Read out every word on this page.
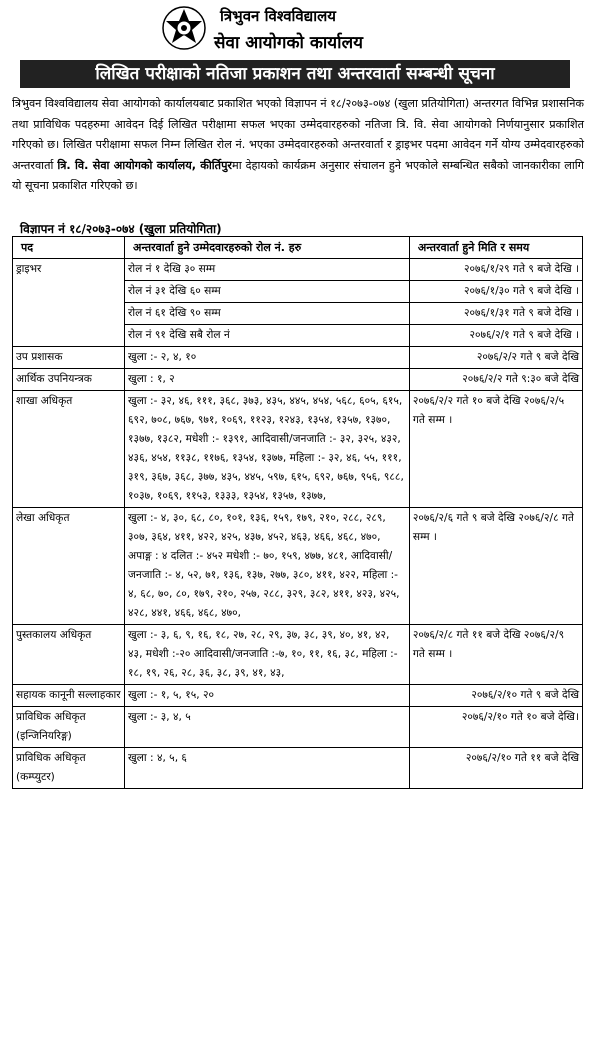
त्रिभुवन विश्वविद्यालय
सेवा आयोगको कार्यालय
लिखित परीक्षाको नतिजा प्रकाशन तथा अन्तरवार्ता सम्बन्धी सूचना
त्रिभुवन विश्वविद्यालय सेवा आयोगको कार्यालयबाट प्रकाशित भएको विज्ञापन नं १८/२०७३-०७४ (खुला प्रतियोगिता) अन्तरगत विभिन्न प्रशासनिक तथा प्राविधिक पदहरुमा आवेदन दिई लिखित परीक्षामा सफल भएका उम्मेदवारहरुको नतिजा त्रि. वि. सेवा आयोगको निर्णयानुसार प्रकाशित गरिएको छ। लिखित परीक्षामा सफल निम्न लिखित रोल नं. भएका उम्मेदवारहरुको अन्तरवार्ता र ड्राइभर पदमा आवेदन गर्ने योग्य उम्मेदवारहरुको अन्तरवार्ता त्रि. वि. सेवा आयोगको कार्यालय, कीर्तिपुरमा देहायको कार्यक्रम अनुसार संचालन हुने भएकोले सम्बन्धित सबैको जानकारीका लागि यो सूचना प्रकाशित गरिएको छ।
विज्ञापन नं १८/२०७३-०७४ (खुला प्रतियोगिता)
पद	अन्तरवार्ता हुने उम्मेदवारहरुको रोल नं. हरु	अन्तरवार्ता हुने मिति र समय
ड्राइभर	रोल नं १ देखि ३० सम्म	२०७६/१/२९ गते ९ बजे देखि ।
	रोल नं ३१ देखि ६० सम्म	२०७६/१/३० गते ९ बजे देखि ।
	रोल नं ६१ देखि ९० सम्म	२०७६/१/३१ गते ९ बजे देखि ।
	रोल नं ९१ देखि सबै रोल नं	२०७६/२/१ गते ९ बजे देखि ।
उप प्रशासक	खुला :- २, ४, १०	२०७६/२/२ गते ९ बजे देखि
आर्थिक उपनियन्त्रक	खुला : १, २	२०७६/२/२ गते ९:३० बजे देखि
शाखा अधिकृत	खुला :- ३२, ४६, १११, ३६८, ३७३, ४३५, ४४५, ४५४, ५६८, ६०५, ६१५, ६९२, ७०८, ७६७, ९७१, १०६९, ११२३, १२४३, १३५४, १३५७, १३७०, १३७७, १३८२, मधेशी :- १३९१, आदिवासी/जनजाति :- ३२, ३२५, ४३२, ४३६, ४५४, ११३८, ११७६, १३५४, १३७७, महिला :- ३२, ४६, ५५, १११, ३१९, ३६७, ३६८, ३७७, ४३५, ४४५, ५९७, ६१५, ६९२, ७६७, ९५६, ९८८, १०३७, १०६९, ११५३, १३३३, १३५४, १३५७, १३७७,	२०७६/२/२ गते १० बजे देखि २०७६/२/५ गते सम्म ।
लेखा अधिकृत	खुला :- ४, ३०, ६८, ८०, १०१, १३६, १५९, १७९, २१०, २८८, २८९, ३०७, ३६४, ४११, ४२२, ४२५, ४३७, ४५२, ४६३, ४६६, ४६८, ४७०, अपाङ्ग : ४ दलित :- ४५२ मधेशी :- ७०, १५९, ४७७, ४८१, आदिवासी/जनजाति :- ४, ५२, ७१, १३६, १३७, २७७, ३८०, ४११, ४२२, महिला :- ४, ६८, ७०, ८०, १७९, २१०, २५७, २८८, ३२९, ३८२, ४११, ४२३, ४२५, ४२८, ४४१, ४६६, ४६८, ४७०,	२०७६/२/६ गते ९ बजे देखि २०७६/२/८ गते सम्म ।
पुस्तकालय अधिकृत	खुला :- ३, ६, ९, १६, १८, २७, २८, २९, ३७, ३८, ३९, ४०, ४१, ४२, ४३, मधेशी :-२० आदिवासी/जनजाति :-७, १०, ११, १६, ३८, महिला :- १८, १९, २६, २८, ३६, ३८, ३९, ४१, ४३,	२०७६/२/८ गते ११ बजे देखि २०७६/२/९ गते सम्म ।
सहायक कानूनी सल्लाहकार	खुला :- १, ५, १५, २०	२०७६/२/१० गते ९ बजे देखि
प्राविधिक अधिकृत (इन्जिनियरिङ्ग)	खुला :- ३, ४, ५	२०७६/२/१० गते १० बजे देखि।
प्राविधिक अधिकृत (कम्प्युटर)	खुला : ४, ५, ६	२०७६/२/१० गते ११ बजे देखि
